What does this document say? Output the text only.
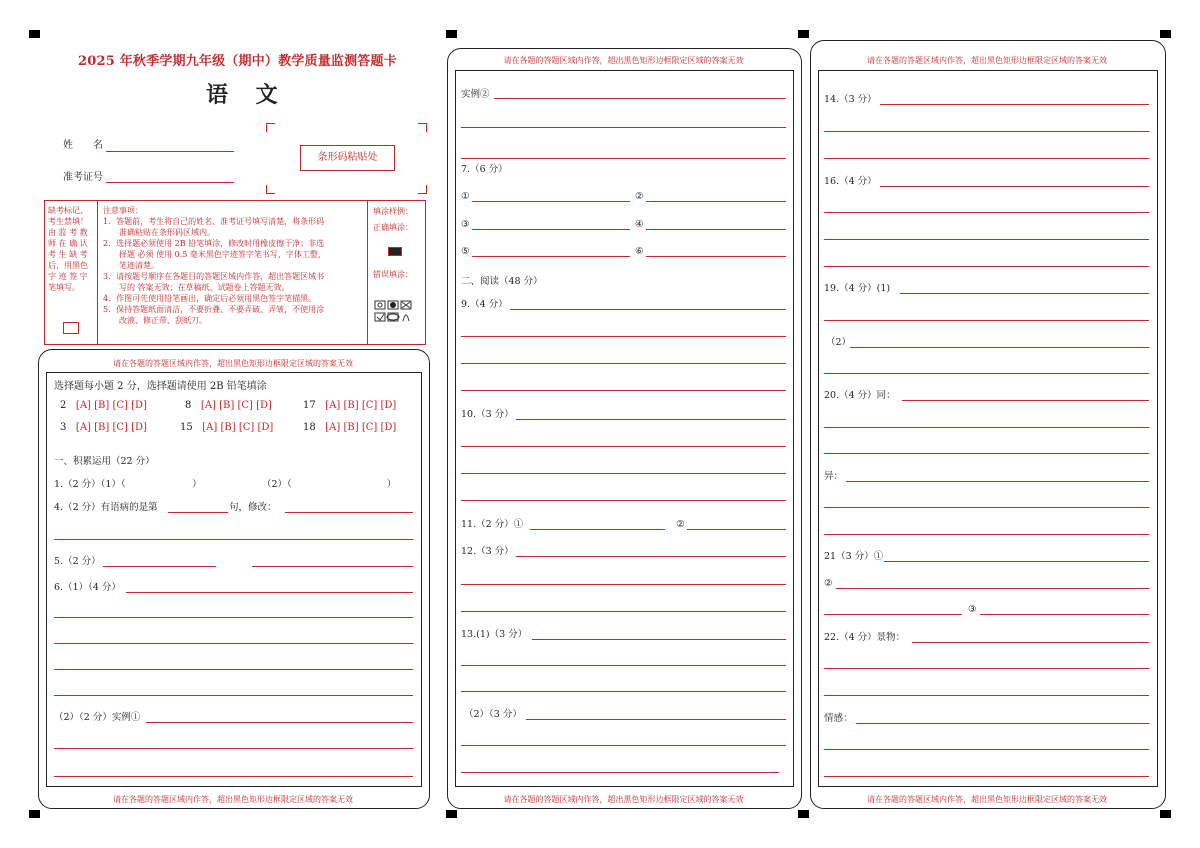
2025 年秋季学期九年级（期中）教学质量监测答题卡
语 文
姓　　名
准考证号
条形码粘贴处
缺考标记，
考生禁填！
由 监 考 教
师 在 确 认
考 生 缺 考
后，用黑色
字 迹 签 字
笔填写。
注意事项：
1．答题前，考生将自己的姓名、准考证号填写清楚，将条形码
　　准确粘贴在条形码区域内。
2．选择题必须使用 2B 铅笔填涂，修改时用橡皮擦干净；非选
　　择题 必须 使用 0.5 毫米黑色字迹签字笔书写，字体工整，
　　笔迹清楚。
3．请按题号顺序在各题目的答题区域内作答，超出答题区域书
　　写的 答案无效；在草稿纸、试题卷上答题无效。
4．作图可先使用铅笔画出，确定后必须用黑色签字笔描黑。
5．保持答题纸面清洁，不要折叠、不要弄破、弄皱，不使用涂
　　改液、修正带、刮纸刀。
填涂样例：
正确填涂：
错误填涂：
请在各题的答题区域内作答，超出黑色矩形边框限定区域的答案无效
请在各题的答题区域内作答，超出黑色矩形边框限定区域的答案无效
选择题每小题 2 分，选择题请使用 2B 铅笔填涂
2 [A] [B] [C] [D]	8 [A] [B] [C] [D]	17 [A] [B] [C] [D]
3 [A] [B] [C] [D]	15 [A] [B] [C] [D]	18 [A] [B] [C] [D]
一、积累运用（22 分）
1.（2 分）（1）（　　　　　　　）	（2）（　　　　　　　　　　）
4.（2 分）有语病的是第	句，修改：
5.（2 分）
6.（1）（4 分）
（2）（2 分）实例①
请在各题的答题区域内作答，超出黑色矩形边框限定区域的答案无效
请在各题的答题区域内作答，超出黑色矩形边框限定区域的答案无效
实例②
7.（6 分）
①	②
③	④
⑤	⑥
二、阅读（48 分）
9.（4 分）
10.（3 分）
11.（2 分）①	②
12.（3 分）
13.(1)（3 分）
（2）（3 分）
请在各题的答题区域内作答，超出黑色矩形边框限定区域的答案无效
请在各题的答题区域内作答，超出黑色矩形边框限定区域的答案无效
14.（3 分）
16.（4 分）
19.（4 分）(1)
（2）
20.（4 分）同：
异：
21（3 分）①
②
③
22.（4 分）景物：
情感：
